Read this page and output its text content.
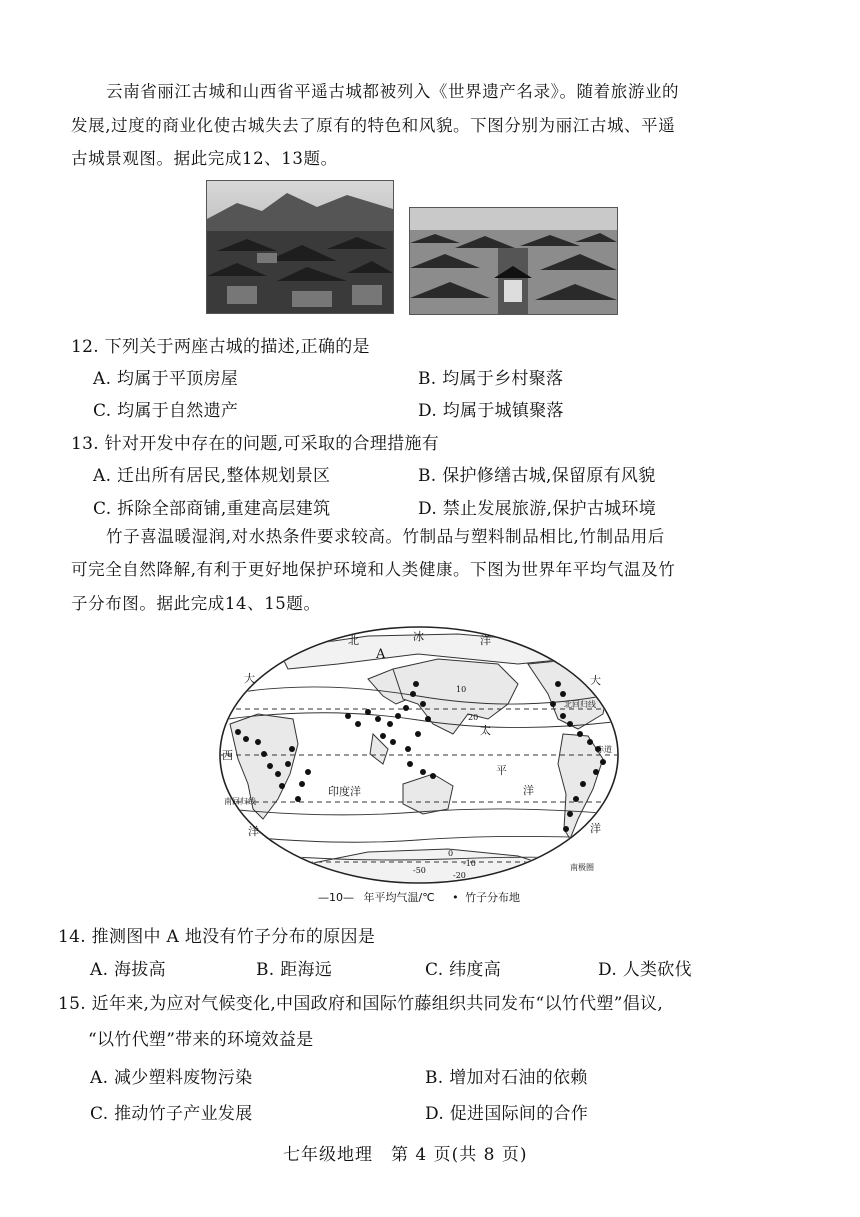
云南省丽江古城和山西省平遥古城都被列入《世界遗产名录》。随着旅游业的
发展,过度的商业化使古城失去了原有的特色和风貌。下图分别为丽江古城、平遥
古城景观图。据此完成12、13题。
12. 下列关于两座古城的描述,正确的是
A. 均属于平顶房屋	B. 均属于乡村聚落
C. 均属于自然遗产	D. 均属于城镇聚落
13. 针对开发中存在的问题,可采取的合理措施有
A. 迁出所有居民,整体规划景区	B. 保护修缮古城,保留原有风貌
C. 拆除全部商铺,重建高层建筑	D. 禁止发展旅游,保护古城环境
竹子喜温暖湿润,对水热条件要求较高。竹制品与塑料制品相比,竹制品用后
可完全自然降解,有利于更好地保护环境和人类健康。下图为世界年平均气温及竹
子分布图。据此完成14、15题。
北	冰	洋
A
大	大
西
洋
太
平
洋
洋
印度洋
北回归线
赤道
南回归线
南极圈
10
20
0
-10
-20
-50
—10— 年平均气温/℃ • 竹子分布地
14. 推测图中 A 地没有竹子分布的原因是
A. 海拔高	B. 距海远	C. 纬度高	D. 人类砍伐
15. 近年来,为应对气候变化,中国政府和国际竹藤组织共同发布“以竹代塑”倡议,
“以竹代塑”带来的环境效益是
A. 减少塑料废物污染	B. 增加对石油的依赖
C. 推动竹子产业发展	D. 促进国际间的合作
七年级地理　第 4 页(共 8 页)
